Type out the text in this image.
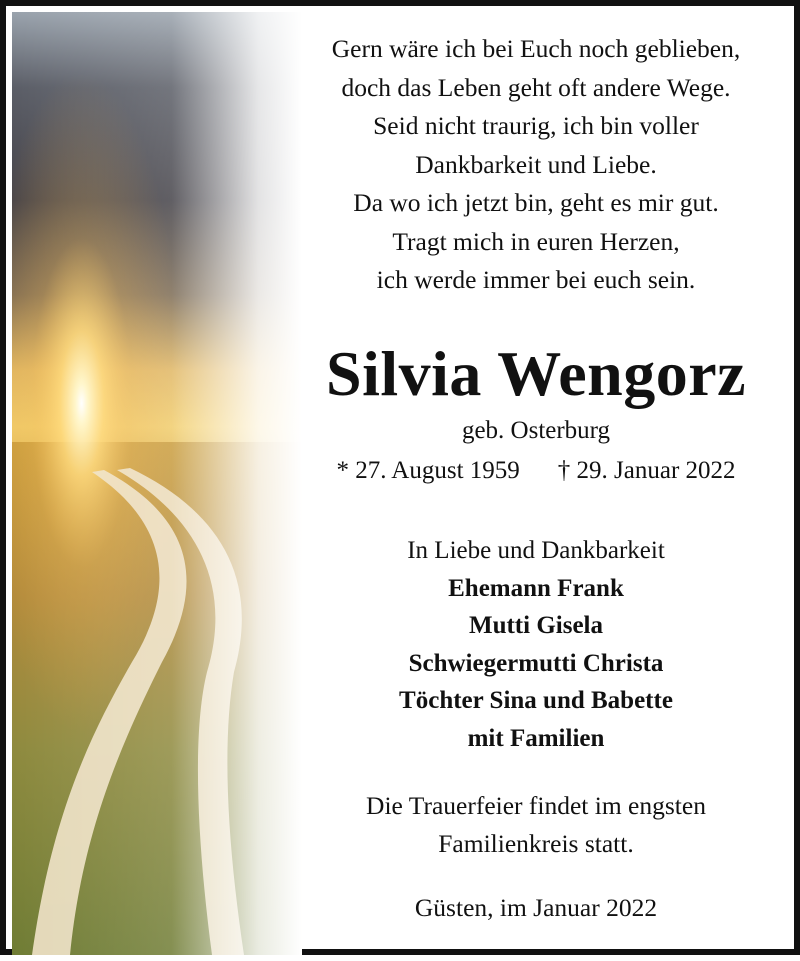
Gern wäre ich bei Euch noch geblieben,
doch das Leben geht oft andere Wege.
Seid nicht traurig, ich bin voller
Dankbarkeit und Liebe.
Da wo ich jetzt bin, geht es mir gut.
Tragt mich in euren Herzen,
ich werde immer bei euch sein.
Silvia Wengorz
geb. Osterburg
* 27. August 1959 † 29. Januar 2022
In Liebe und Dankbarkeit
Ehemann Frank
Mutti Gisela
Schwiegermutti Christa
Töchter Sina und Babette
mit Familien
Die Trauerfeier findet im engsten
Familienkreis statt.
Güsten, im Januar 2022
